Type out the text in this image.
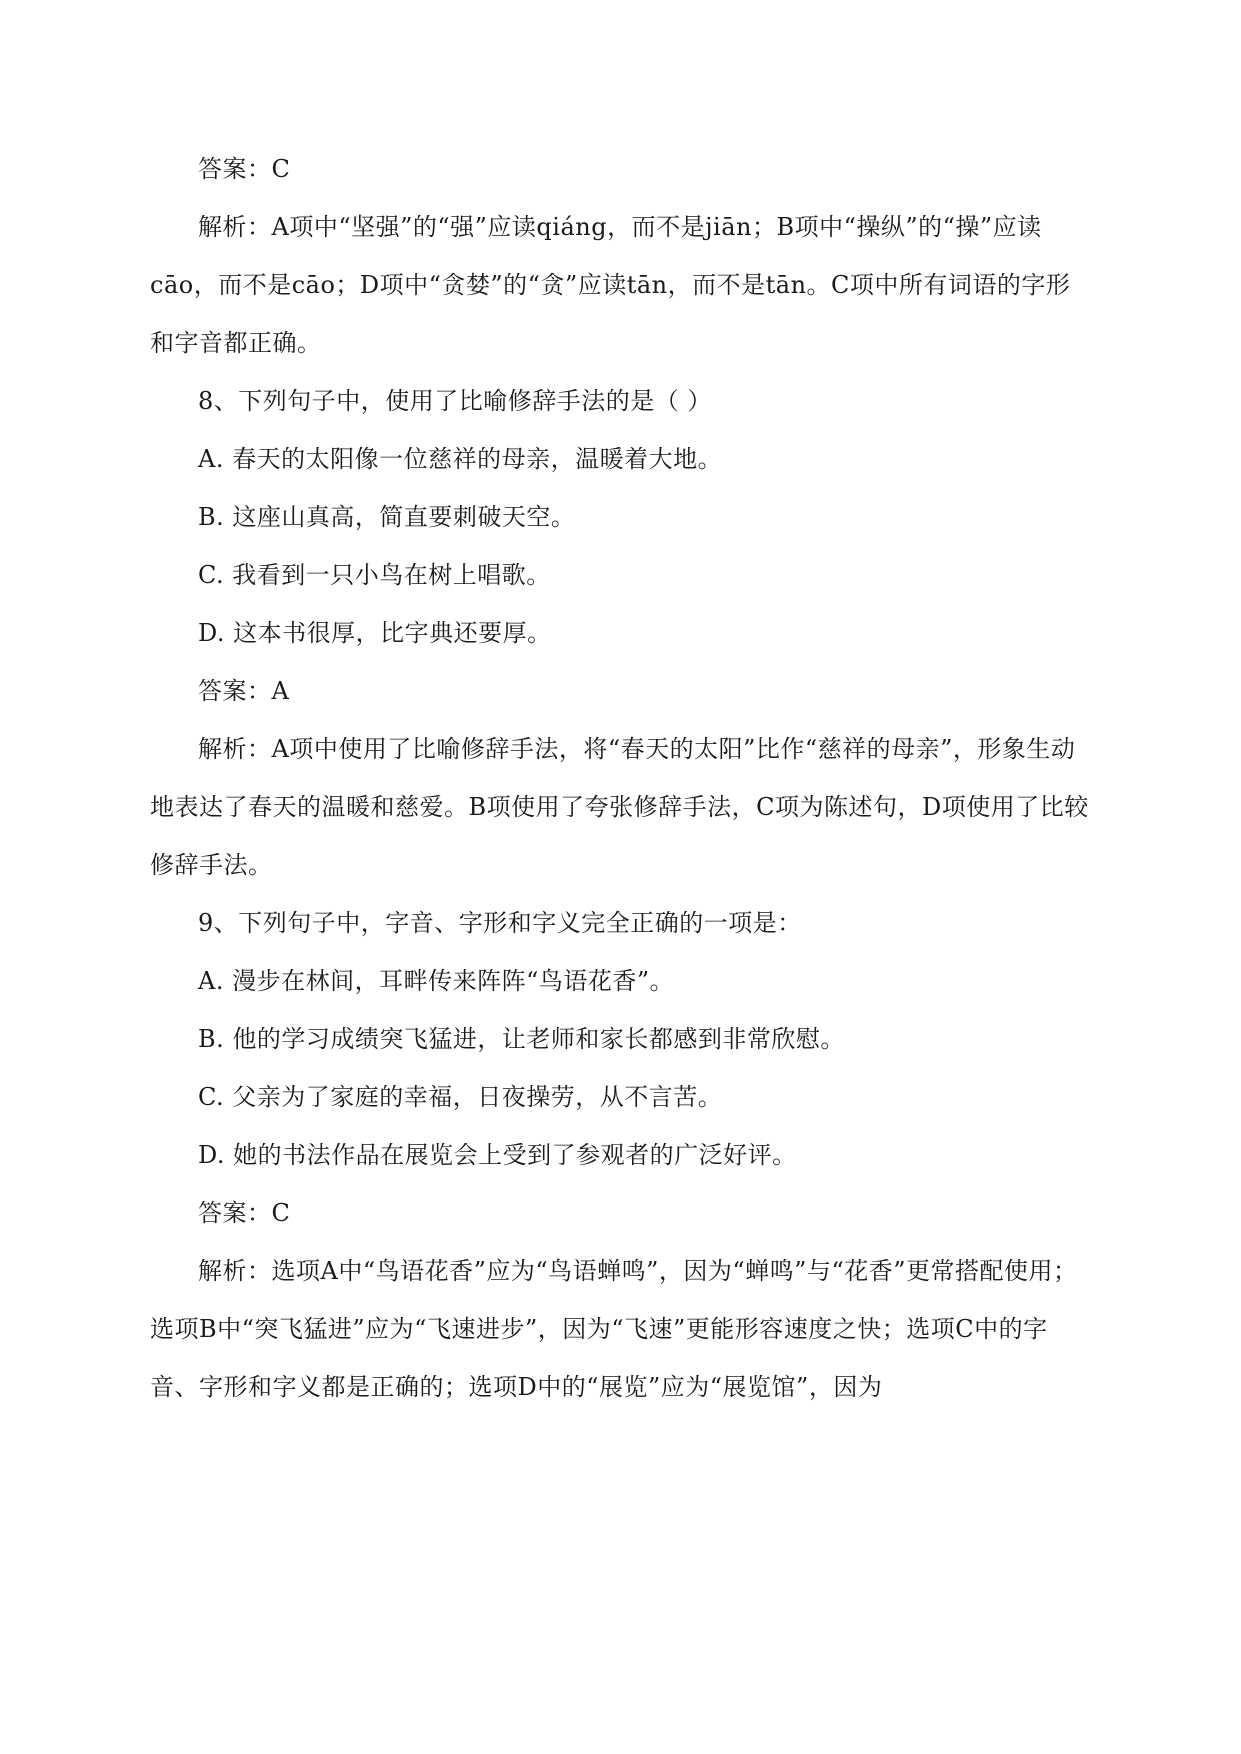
答案：C
解析：A项中“坚强”的“强”应读qiáng，而不是jiān；B项中“操纵”的“操”应读cāo，而不是cāo；D项中“贪婪”的“贪”应读tān，而不是tān。C项中所有词语的字形和字音都正确。
8、下列句子中，使用了比喻修辞手法的是（ ）
A. 春天的太阳像一位慈祥的母亲，温暖着大地。
B. 这座山真高，简直要刺破天空。
C. 我看到一只小鸟在树上唱歌。
D. 这本书很厚，比字典还要厚。
答案：A
解析：A项中使用了比喻修辞手法，将“春天的太阳”比作“慈祥的母亲”，形象生动地表达了春天的温暖和慈爱。B项使用了夸张修辞手法，C项为陈述句，D项使用了比较修辞手法。
9、下列句子中，字音、字形和字义完全正确的一项是：
A. 漫步在林间，耳畔传来阵阵“鸟语花香”。
B. 他的学习成绩突飞猛进，让老师和家长都感到非常欣慰。
C. 父亲为了家庭的幸福，日夜操劳，从不言苦。
D. 她的书法作品在展览会上受到了参观者的广泛好评。
答案：C
解析：选项A中“鸟语花香”应为“鸟语蝉鸣”，因为“蝉鸣”与“花香”更常搭配使用；选项B中“突飞猛进”应为“飞速进步”，因为“飞速”更能形容速度之快；选项C中的字音、字形和字义都是正确的；选项D中的“展览”应为“展览馆”，因为
